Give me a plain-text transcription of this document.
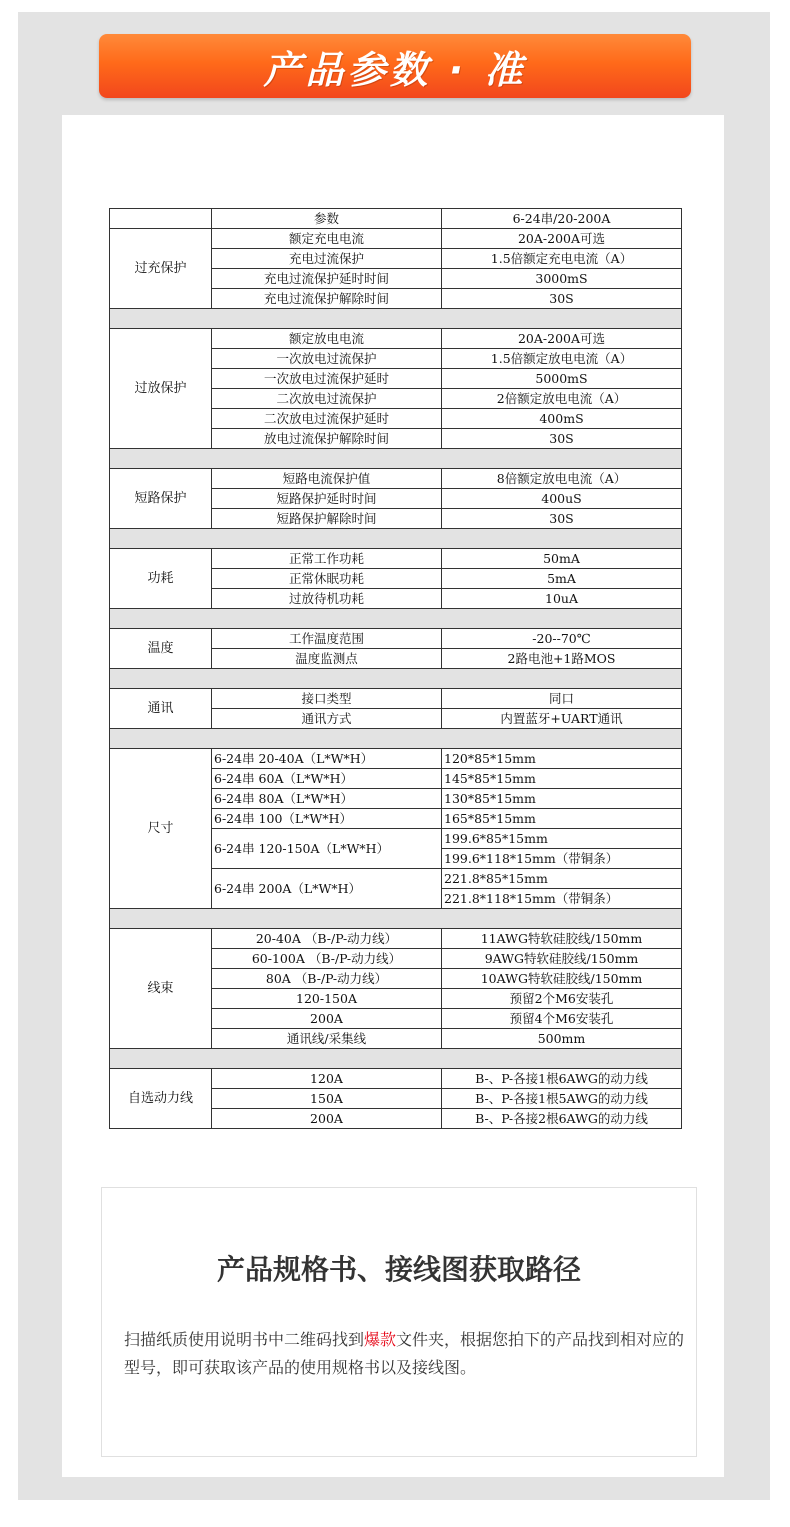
产品参数 · 准
	参数	6-24串/20-200A
过充保护	额定充电电流	20A-200A可选
	充电过流保护	1.5倍额定充电电流（A）
	充电过流保护延时时间	3000mS
	充电过流保护解除时间	30S

过放保护	额定放电电流	20A-200A可选
	一次放电过流保护	1.5倍额定放电电流（A）
	一次放电过流保护延时	5000mS
	二次放电过流保护	2倍额定放电电流（A）
	二次放电过流保护延时	400mS
	放电过流保护解除时间	30S

短路保护	短路电流保护值	8倍额定放电电流（A）
	短路保护延时时间	400uS
	短路保护解除时间	30S

功耗	正常工作功耗	50mA
	正常休眠功耗	5mA
	过放待机功耗	10uA

温度	工作温度范围	-20--70℃
	温度监测点	2路电池+1路MOS

通讯	接口类型	同口
	通讯方式	内置蓝牙+UART通讯

尺寸	6-24串 20-40A（L*W*H）	120*85*15mm
	6-24串 60A（L*W*H）	145*85*15mm
	6-24串 80A（L*W*H）	130*85*15mm
	6-24串 100（L*W*H）	165*85*15mm
	6-24串 120-150A（L*W*H）	199.6*85*15mm
		199.6*118*15mm（带铜条）
	6-24串 200A（L*W*H）	221.8*85*15mm
		221.8*118*15mm（带铜条）

线束	20-40A （B-/P-动力线）	11AWG特软硅胶线/150mm
	60-100A （B-/P-动力线）	9AWG特软硅胶线/150mm
	80A （B-/P-动力线）	10AWG特软硅胶线/150mm
	120-150A	预留2个M6安装孔
	200A	预留4个M6安装孔
	通讯线/采集线	500mm

自选动力线	120A	B-、P-各接1根6AWG的动力线
	150A	B-、P-各接1根5AWG的动力线
	200A	B-、P-各接2根6AWG的动力线
产品规格书、接线图获取路径

扫描纸质使用说明书中二维码找到爆款文件夹，根据您拍下的产品找到相对应的型号，即可获取该产品的使用规格书以及接线图。
